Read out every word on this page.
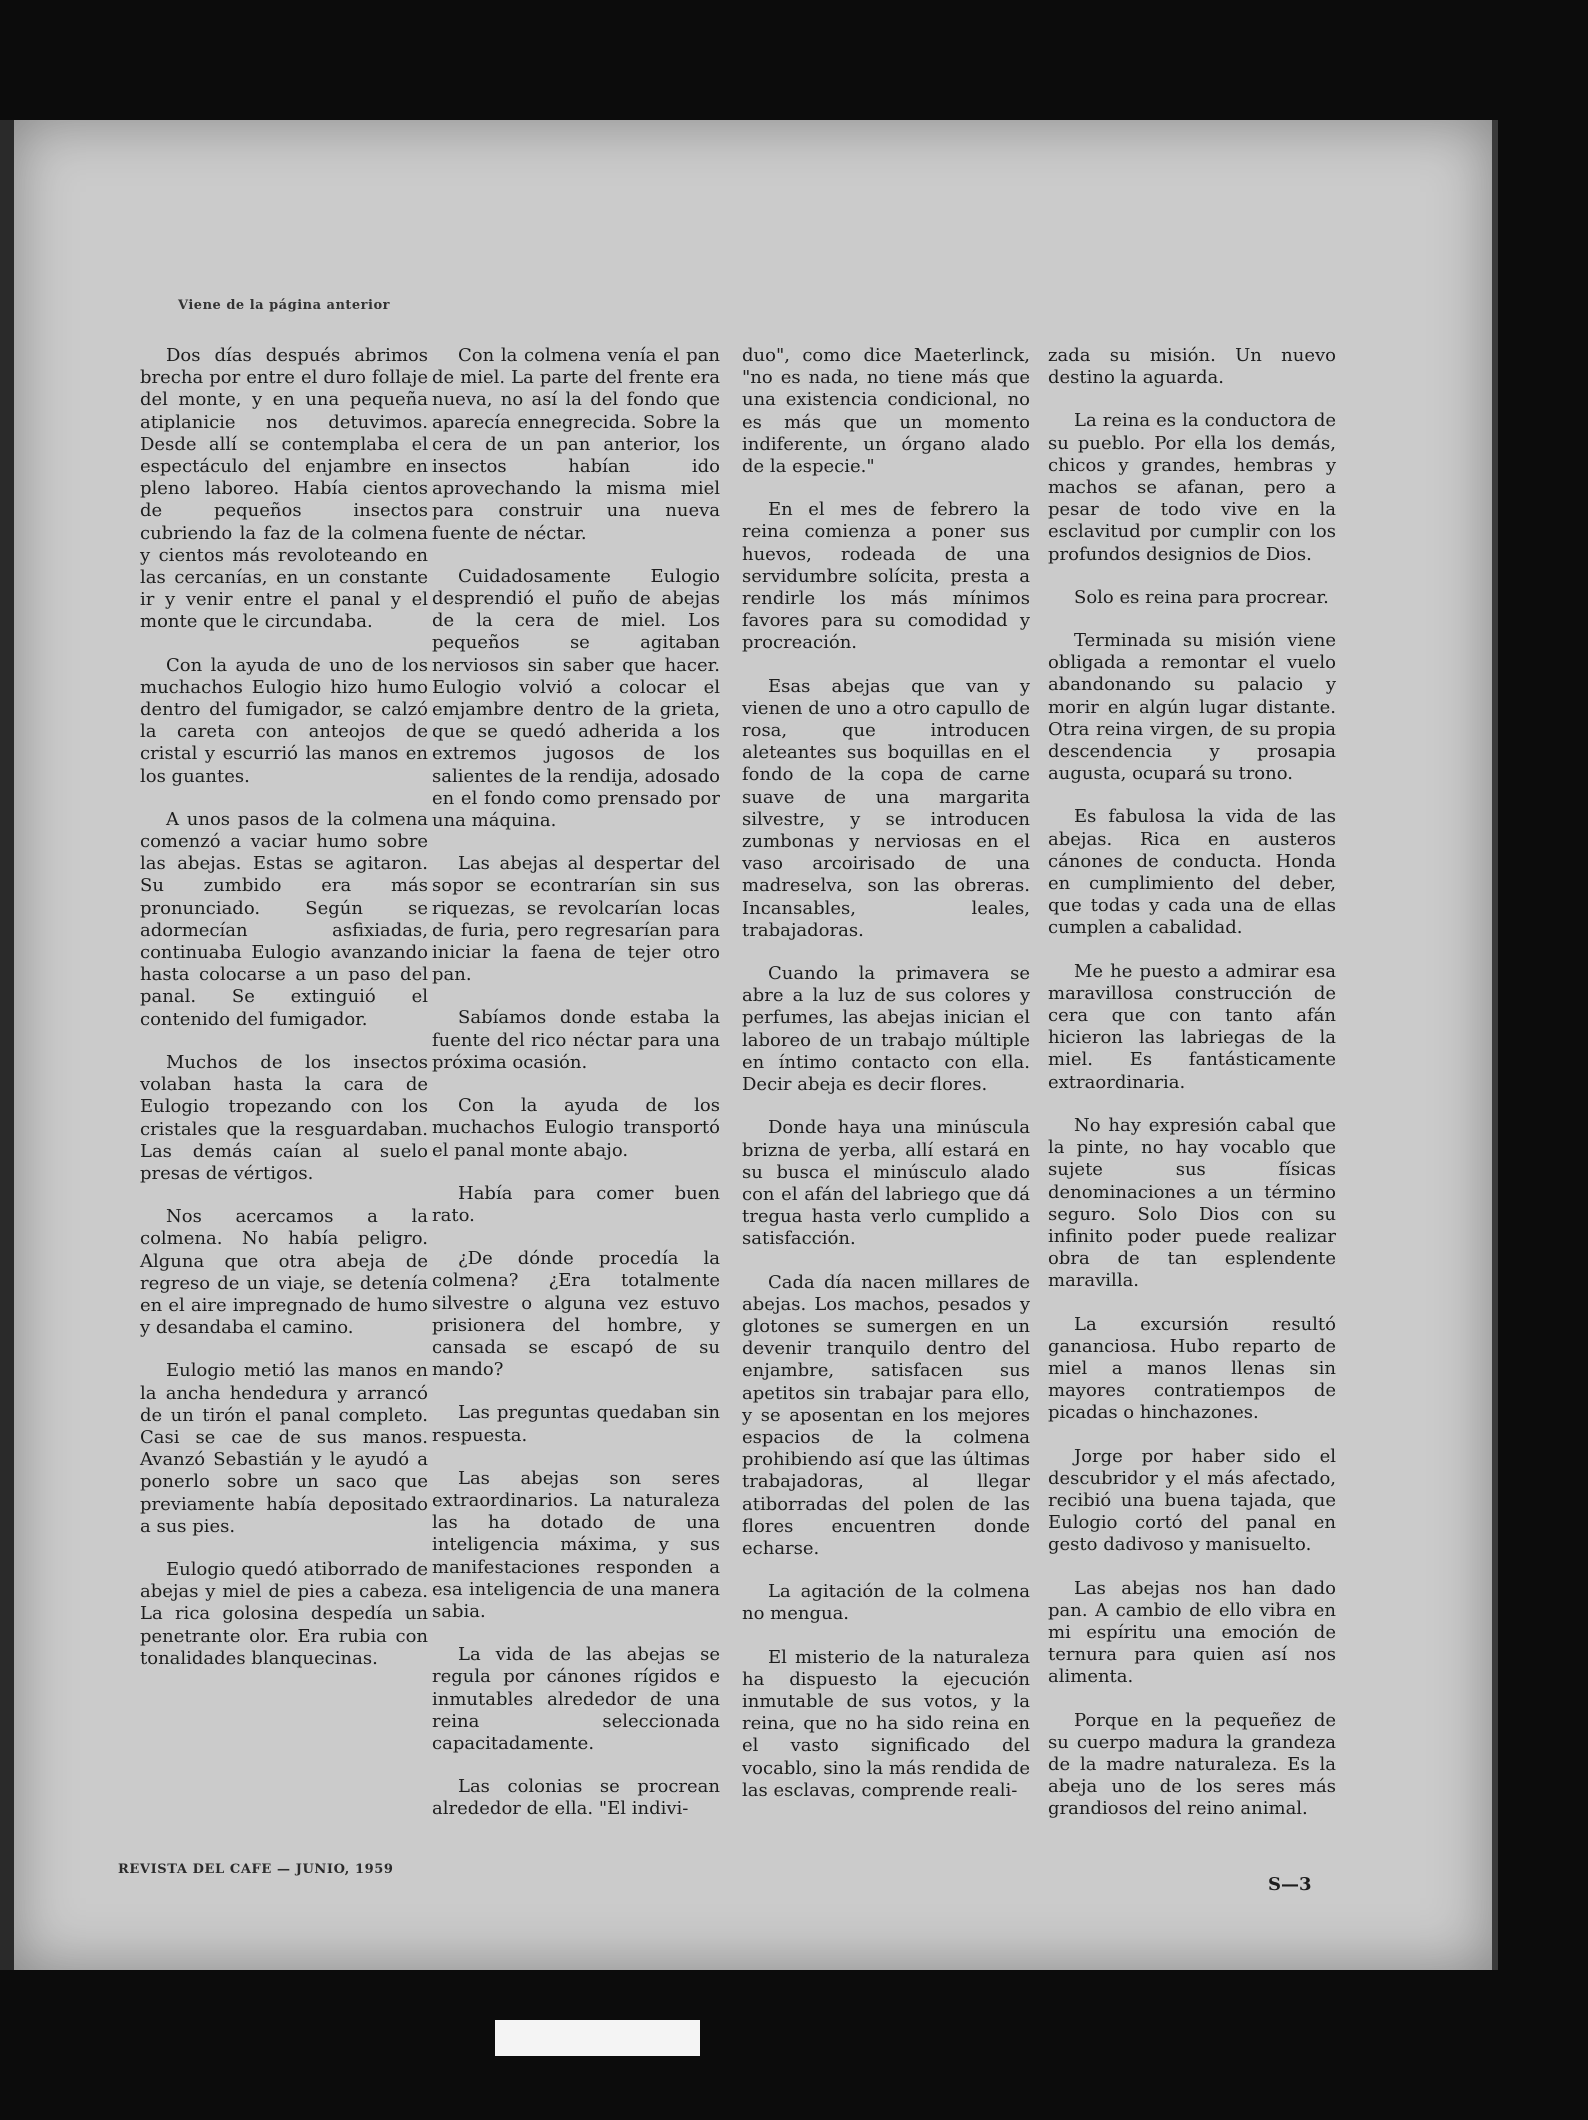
Viene de la página anterior

Dos días después abrimos brecha por entre el duro follaje del monte, y en una pequeña atiplanicie nos detuvimos. Desde allí se contemplaba el espectáculo del enjambre en pleno laboreo. Había cientos de pequeños insectos cubriendo la faz de la colmena y cientos más revoloteando en las cercanías, en un constante ir y venir entre el panal y el monte que le circundaba.

Con la ayuda de uno de los muchachos Eulogio hizo humo dentro del fumigador, se calzó la careta con anteojos de cristal y escurrió las manos en los guantes.

A unos pasos de la colmena comenzó a vaciar humo sobre las abejas. Estas se agitaron. Su zumbido era más pronunciado. Según se adormecían asfixiadas, continuaba Eulogio avanzando hasta colocarse a un paso del panal. Se extinguió el contenido del fumigador.

Muchos de los insectos volaban hasta la cara de Eulogio tropezando con los cristales que la resguardaban. Las demás caían al suelo presas de vértigos.

Nos acercamos a la colmena. No había peligro. Alguna que otra abeja de regreso de un viaje, se detenía en el aire impregnado de humo y desandaba el camino.

Eulogio metió las manos en la ancha hendedura y arrancó de un tirón el panal completo. Casi se cae de sus manos. Avanzó Sebastián y le ayudó a ponerlo sobre un saco que previamente había depositado a sus pies.

Eulogio quedó atiborrado de abejas y miel de pies a cabeza. La rica golosina despedía un penetrante olor. Era rubia con tonalidades blanquecinas.

Con la colmena venía el pan de miel. La parte del frente era nueva, no así la del fondo que aparecía ennegrecida. Sobre la cera de un pan anterior, los insectos habían ido aprovechando la misma miel para construir una nueva fuente de néctar.

Cuidadosamente Eulogio desprendió el puño de abejas de la cera de miel. Los pequeños se agitaban nerviosos sin saber que hacer. Eulogio volvió a colocar el emjambre dentro de la grieta, que se quedó adherida a los extremos jugosos de los salientes de la rendija, adosado en el fondo como prensado por una máquina.

Las abejas al despertar del sopor se econtrarían sin sus riquezas, se revolcarían locas de furia, pero regresarían para iniciar la faena de tejer otro pan.

Sabíamos donde estaba la fuente del rico néctar para una próxima ocasión.

Con la ayuda de los muchachos Eulogio transportó el panal monte abajo.

Había para comer buen rato.

¿De dónde procedía la colmena? ¿Era totalmente silvestre o alguna vez estuvo prisionera del hombre, y cansada se escapó de su mando?

Las preguntas quedaban sin respuesta.

Las abejas son seres extraordinarios. La naturaleza las ha dotado de una inteligencia máxima, y sus manifestaciones responden a esa inteligencia de una manera sabia.

La vida de las abejas se regula por cánones rígidos e inmutables alrededor de una reina seleccionada capacitadamente.

Las colonias se procrean alrededor de ella. "El indivi-

duo", como dice Maeterlinck, "no es nada, no tiene más que una existencia condicional, no es más que un momento indiferente, un órgano alado de la especie."

En el mes de febrero la reina comienza a poner sus huevos, rodeada de una servidumbre solícita, presta a rendirle los más mínimos favores para su comodidad y procreación.

Esas abejas que van y vienen de uno a otro capullo de rosa, que introducen aleteantes sus boquillas en el fondo de la copa de carne suave de una margarita silvestre, y se introducen zumbonas y nerviosas en el vaso arcoirisado de una madreselva, son las obreras. Incansables, leales, trabajadoras.

Cuando la primavera se abre a la luz de sus colores y perfumes, las abejas inician el laboreo de un trabajo múltiple en íntimo contacto con ella. Decir abeja es decir flores.

Donde haya una minúscula brizna de yerba, allí estará en su busca el minúsculo alado con el afán del labriego que dá tregua hasta verlo cumplido a satisfacción.

Cada día nacen millares de abejas. Los machos, pesados y glotones se sumergen en un devenir tranquilo dentro del enjambre, satisfacen sus apetitos sin trabajar para ello, y se aposentan en los mejores espacios de la colmena prohibiendo así que las últimas trabajadoras, al llegar atiborradas del polen de las flores encuentren donde echarse.

La agitación de la colmena no mengua.

El misterio de la naturaleza ha dispuesto la ejecución inmutable de sus votos, y la reina, que no ha sido reina en el vasto significado del vocablo, sino la más rendida de las esclavas, comprende reali-

zada su misión. Un nuevo destino la aguarda.

La reina es la conductora de su pueblo. Por ella los demás, chicos y grandes, hembras y machos se afanan, pero a pesar de todo vive en la esclavitud por cumplir con los profundos designios de Dios.

Solo es reina para procrear.

Terminada su misión viene obligada a remontar el vuelo abandonando su palacio y morir en algún lugar distante. Otra reina virgen, de su propia descendencia y prosapia augusta, ocupará su trono.

Es fabulosa la vida de las abejas. Rica en austeros cánones de conducta. Honda en cumplimiento del deber, que todas y cada una de ellas cumplen a cabalidad.

Me he puesto a admirar esa maravillosa construcción de cera que con tanto afán hicieron las labriegas de la miel. Es fantásticamente extraordinaria.

No hay expresión cabal que la pinte, no hay vocablo que sujete sus físicas denominaciones a un término seguro. Solo Dios con su infinito poder puede realizar obra de tan esplendente maravilla.

La excursión resultó gananciosa. Hubo reparto de miel a manos llenas sin mayores contratiempos de picadas o hinchazones.

Jorge por haber sido el descubridor y el más afectado, recibió una buena tajada, que Eulogio cortó del panal en gesto dadivoso y manisuelto.

Las abejas nos han dado pan. A cambio de ello vibra en mi espíritu una emoción de ternura para quien así nos alimenta.

Porque en la pequeñez de su cuerpo madura la grandeza de la madre naturaleza. Es la abeja uno de los seres más grandiosos del reino animal.

REVISTA DEL CAFE — JUNIO, 1959
S—3
